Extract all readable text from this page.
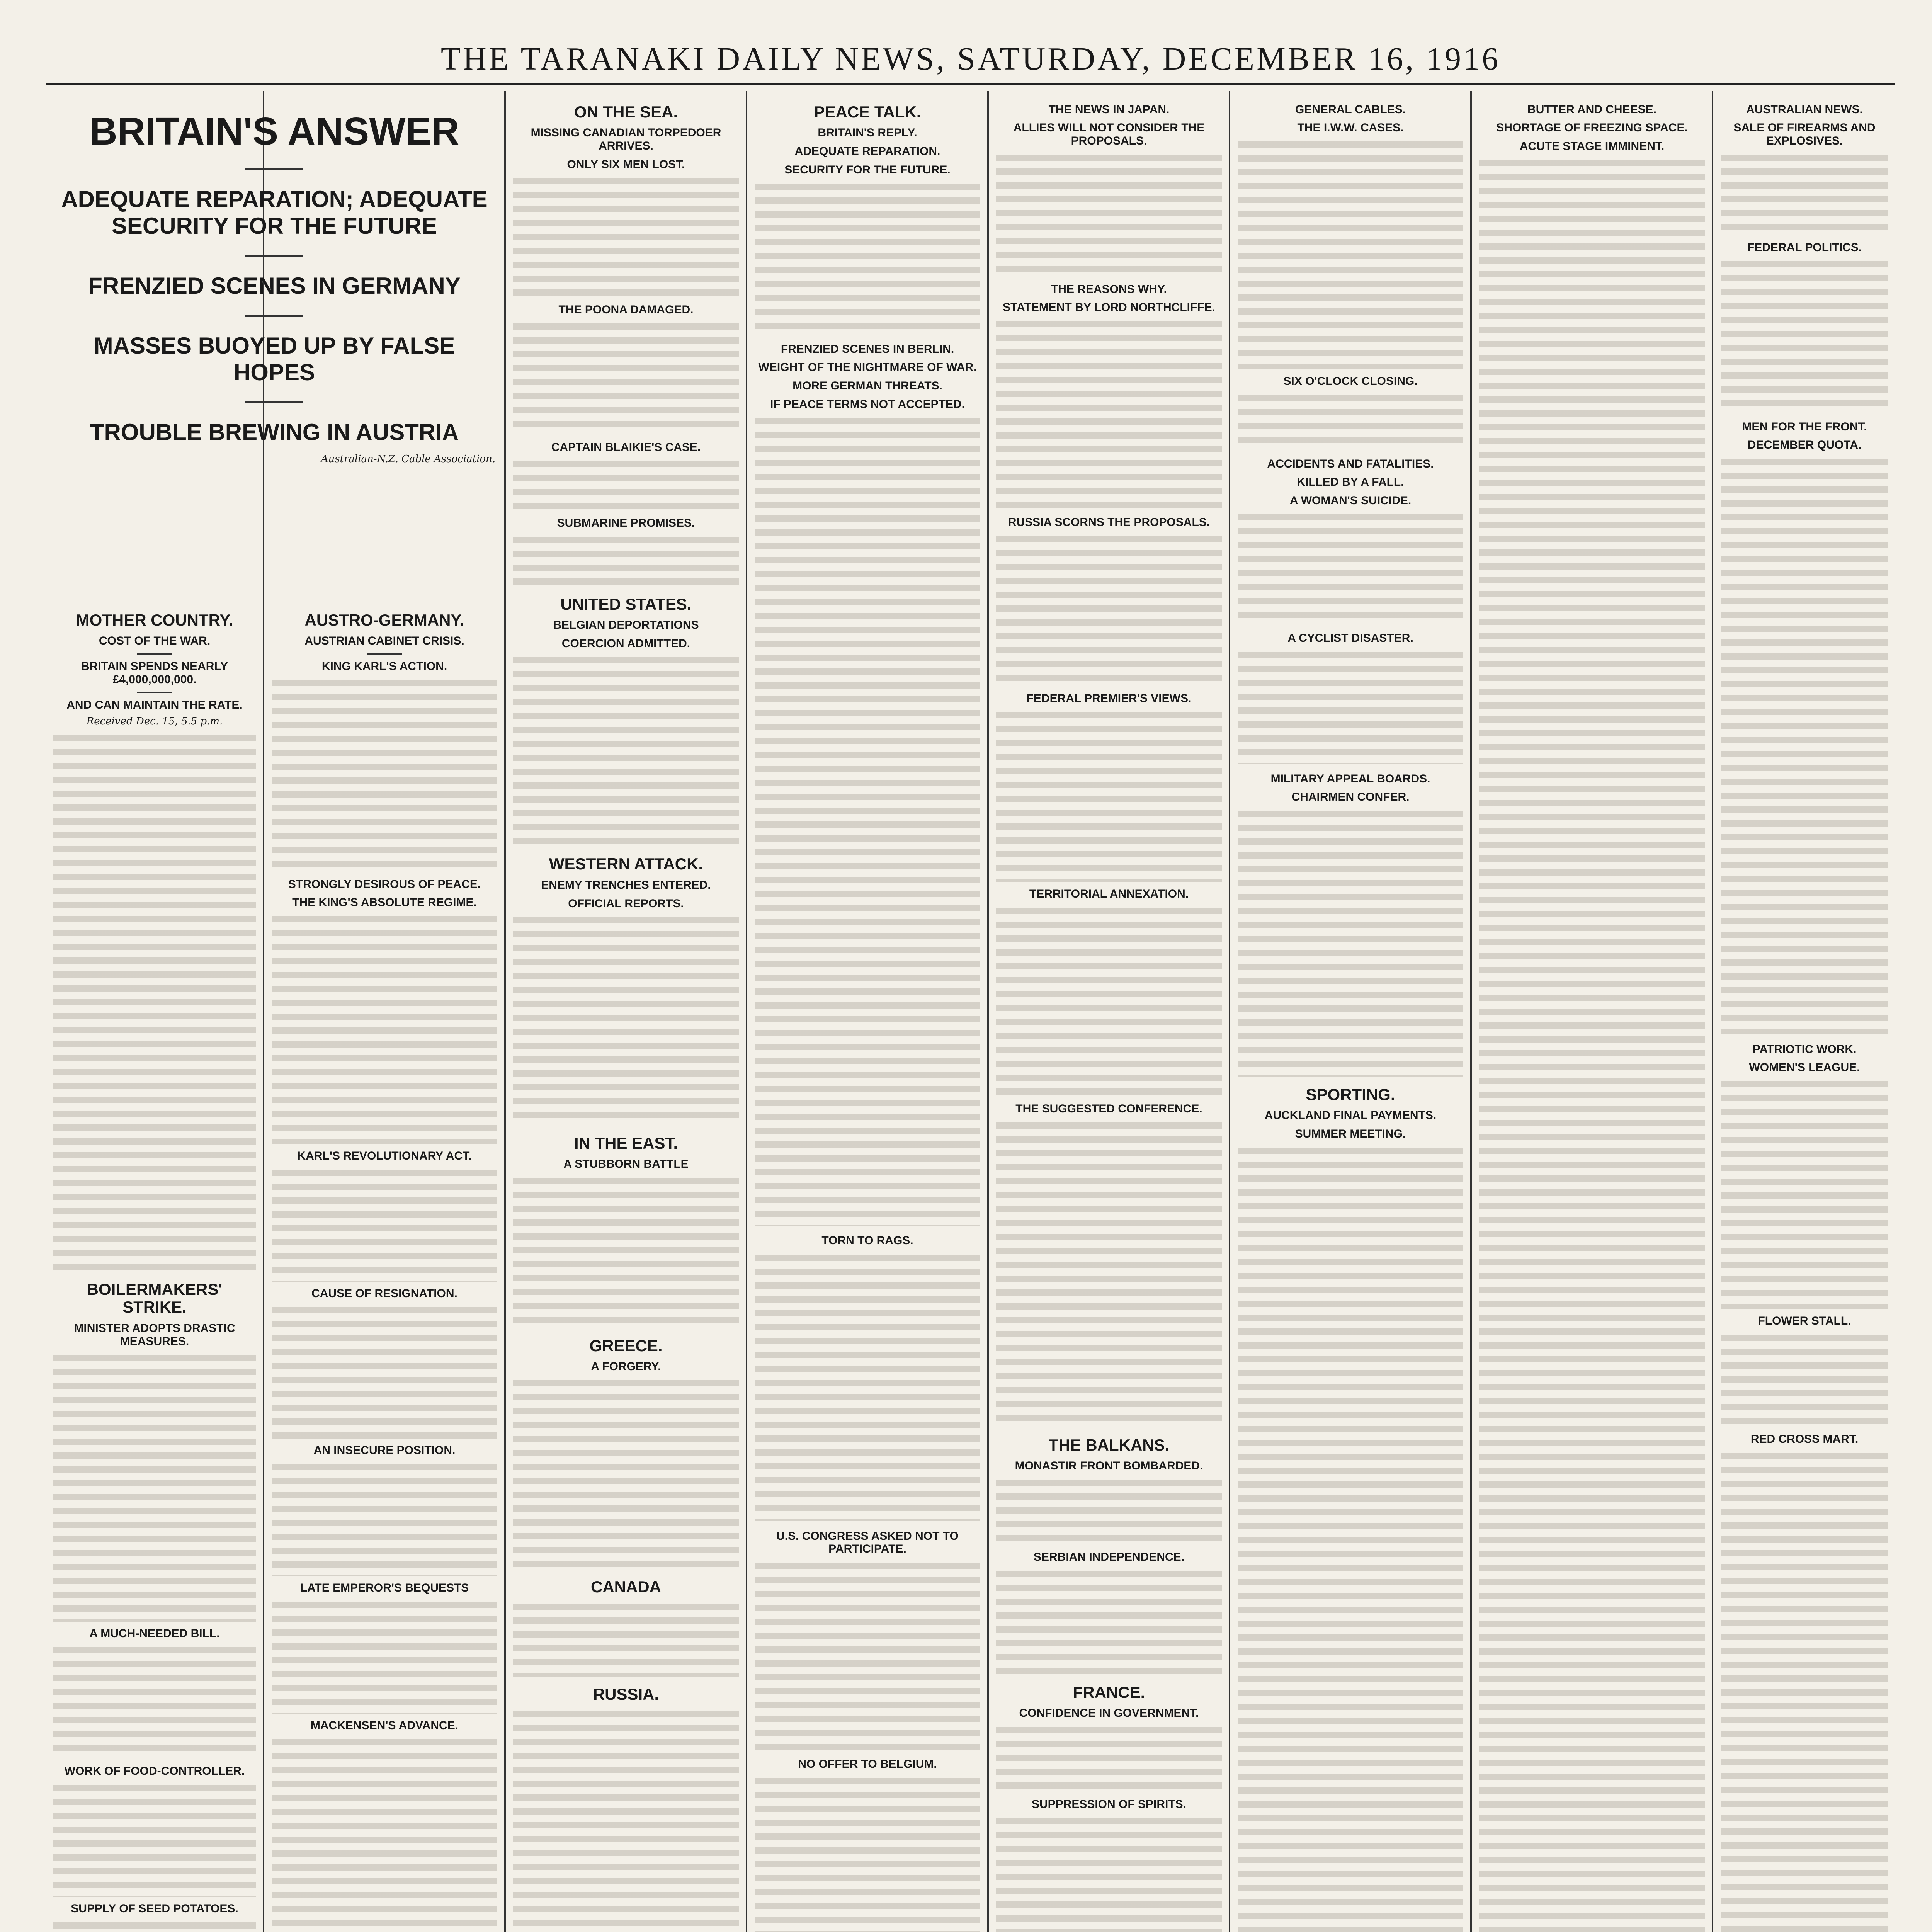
THE TARANAKI DAILY NEWS, SATURDAY, DECEMBER 16, 1916
BRITAIN'S ANSWER
ADEQUATE REPARATION; ADEQUATE SECURITY FOR THE FUTURE
FRENZIED SCENES IN GERMANY
MASSES BUOYED UP BY FALSE HOPES
TROUBLE BREWING IN AUSTRIA
Australian-N.Z. Cable Association.
MOTHER COUNTRY.
COST OF THE WAR.
BRITAIN SPENDS NEARLY £4,000,000,000.
AND CAN MAINTAIN THE RATE.
Received Dec. 15, 5.5 p.m.
BOILERMAKERS' STRIKE.
MINISTER ADOPTS DRASTIC MEASURES.
A MUCH-NEEDED BILL.
WORK OF FOOD-CONTROLLER.
SUPPLY OF SEED POTATOES.
AUSTRO-GERMANY.
AUSTRIAN CABINET CRISIS.
KING KARL'S ACTION.
STRONGLY DESIROUS OF PEACE.
THE KING'S ABSOLUTE REGIME.
KARL'S REVOLUTIONARY ACT.
CAUSE OF RESIGNATION.
AN INSECURE POSITION.
LATE EMPEROR'S BEQUESTS
MACKENSEN'S ADVANCE.
ON THE SEA.
MISSING CANADIAN TORPEDOER ARRIVES.
ONLY SIX MEN LOST.
THE POONA DAMAGED.
CAPTAIN BLAIKIE'S CASE.
SUBMARINE PROMISES.
UNITED STATES.
BELGIAN DEPORTATIONS
COERCION ADMITTED.
WESTERN ATTACK.
ENEMY TRENCHES ENTERED.
OFFICIAL REPORTS.
IN THE EAST.
A STUBBORN BATTLE
GREECE.
A FORGERY.
CANADA
RUSSIA.
PEACE TALK.
BRITAIN'S REPLY.
ADEQUATE REPARATION.
SECURITY FOR THE FUTURE.
FRENZIED SCENES IN BERLIN.
WEIGHT OF THE NIGHTMARE OF WAR.
MORE GERMAN THREATS.
IF PEACE TERMS NOT ACCEPTED.
TORN TO RAGS.
U.S. CONGRESS ASKED NOT TO PARTICIPATE.
NO OFFER TO BELGIUM.
THE NEWS IN JAPAN.
ALLIES WILL NOT CONSIDER THE PROPOSALS.
THE REASONS WHY.
STATEMENT BY LORD NORTHCLIFFE.
RUSSIA SCORNS THE PROPOSALS.
FEDERAL PREMIER'S VIEWS.
TERRITORIAL ANNEXATION.
THE SUGGESTED CONFERENCE.
THE BALKANS.
MONASTIR FRONT BOMBARDED.
SERBIAN INDEPENDENCE.
FRANCE.
CONFIDENCE IN GOVERNMENT.
SUPPRESSION OF SPIRITS.
GENERAL CABLES.
THE I.W.W. CASES.
SIX O'CLOCK CLOSING.
ACCIDENTS AND FATALITIES.
KILLED BY A FALL.
A WOMAN'S SUICIDE.
A CYCLIST DISASTER.
MILITARY APPEAL BOARDS.
CHAIRMEN CONFER.
SPORTING.
AUCKLAND FINAL PAYMENTS.
SUMMER MEETING.
BUTTER AND CHEESE.
SHORTAGE OF FREEZING SPACE.
ACUTE STAGE IMMINENT.
AUSTRALIAN NEWS.
SALE OF FIREARMS AND EXPLOSIVES.
FEDERAL POLITICS.
MEN FOR THE FRONT.
DECEMBER QUOTA.
PATRIOTIC WORK.
WOMEN'S LEAGUE.
FLOWER STALL.
RED CROSS MART.
